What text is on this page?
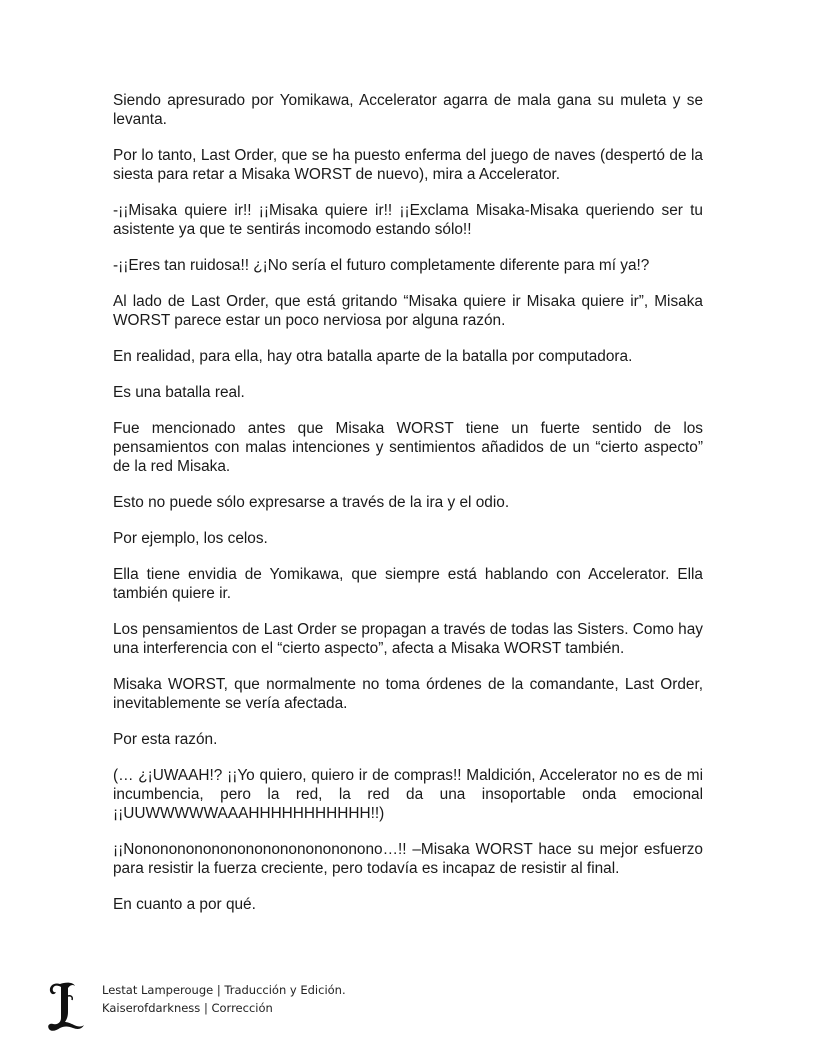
Siendo apresurado por Yomikawa, Accelerator agarra de mala gana su muleta y se levanta.

Por lo tanto, Last Order, que se ha puesto enferma del juego de naves (despertó de la siesta para retar a Misaka WORST de nuevo), mira a Accelerator.

-¡¡Misaka quiere ir!! ¡¡Misaka quiere ir!! ¡¡Exclama Misaka-Misaka queriendo ser tu asistente ya que te sentirás incomodo estando sólo!!

-¡¡Eres tan ruidosa!! ¿¡No sería el futuro completamente diferente para mí ya!?

Al lado de Last Order, que está gritando “Misaka quiere ir Misaka quiere ir”, Misaka WORST parece estar un poco nerviosa por alguna razón.

En realidad, para ella, hay otra batalla aparte de la batalla por computadora.

Es una batalla real.

Fue mencionado antes que Misaka WORST tiene un fuerte sentido de los pensamientos con malas intenciones y sentimientos añadidos de un “cierto aspecto” de la red Misaka.

Esto no puede sólo expresarse a través de la ira y el odio.

Por ejemplo, los celos.

Ella tiene envidia de Yomikawa, que siempre está hablando con Accelerator. Ella también quiere ir.

Los pensamientos de Last Order se propagan a través de todas las Sisters. Como hay una interferencia con el “cierto aspecto”, afecta a Misaka WORST también.

Misaka WORST, que normalmente no toma órdenes de la comandante, Last Order, inevitablemente se vería afectada.

Por esta razón.

(… ¿¡UWAAH!? ¡¡Yo quiero, quiero ir de compras!! Maldición, Accelerator no es de mi incumbencia, pero la red, la red da una insoportable onda emocional ¡¡UUWWWWWAAAHHHHHHHHHHH!!)

¡¡Nonononononononononononononono…!! –Misaka WORST hace su mejor esfuerzo para resistir la fuerza creciente, pero todavía es incapaz de resistir al final.

En cuanto a por qué.

Lestat Lamperouge | Traducción y Edición.
Kaiserofdarkness | Corrección
